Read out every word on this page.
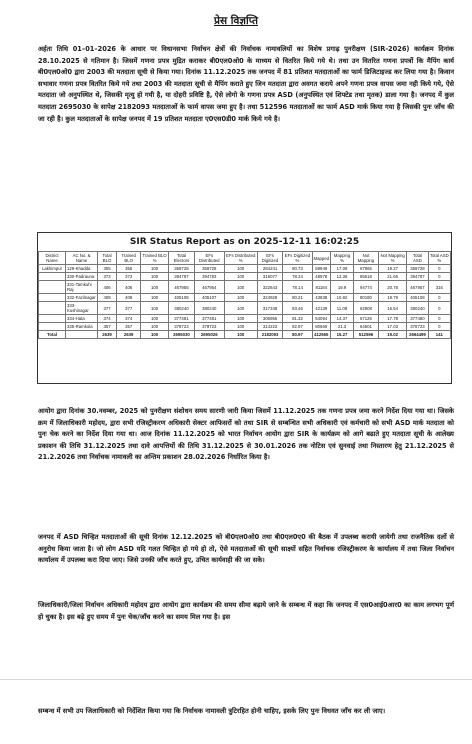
प्रेस विज्ञप्ति
अर्हता तिथि 01–01–2026 के आधार पर विधानसभा निर्वाचन क्षेत्रों की निर्वाचक नामावलियों का विशेष प्रगाढ़ पुनरीक्षण (SIR-2026) कार्यक्रम दिनांक 28.10.2025 से गतिमान है। जिसमें गणना प्रपत्र मुद्रित कराकर बी0एल0ओ0 के माध्यम से वितरित किये गये थे। तथा उन वितरित गणना प्रपत्रों कि मैपिंग कार्य बी0एल0ओ0 द्वारा 2003 की मतदाता सूची से किया गया। दिनांक 11.12.2025 तक जनपद में 81 प्रतिशत मतदाताओं का फार्म डिजिटाइज्ड कर लिया गया है। किवान सभावार गणना प्रपत्र वितरित किये गये तथा 2003 की मतदाता सूची से मैपिंग कराते हुए जिन मतदाता द्वारा अवगत कराये अपने गणना प्रपत्र वापस जमा नही किये गये, ऐसे मतदाता जो अनुपस्थित थे, जिसकी मृत्यु हो गयी है, या दोहरी प्रविष्टि है, ऐसे लोगो के गणना प्रपत्र ASD (अनुपस्थित एवं शिफ्टेड तथा मृतक) डाला गया है। जनपद में कुल मतदाता 2695030 के सापेक्ष 2182093 मतदाताओं के फार्म वापस जमा हुए है। तथा 512596 मतदाताओं का फार्म ASD मार्क किया गया है जिसकी पुनः जाँच की जा रही है। कुल मतदाताओं के सापेक्ष जनपद में 19 प्रतिशत मतदाता ए0एस0डी0 मार्क किये गये है।
SIR Status Report as on 2025-12-11 16:02:25
District Name	AC No. & Name	Total BLO	Trained BLO	Trained BLO %	Total Electors	EFs Distributed	EFs Distributed %	EFs Digitized	EFs Digitized %	Mapped	Mapping %	Not Mapping	Not Mapping %	Total ASD	Total ASD %
Lakhimpur	129-Khadda	355	355	100	359728	359728	100	284241	80.73	59949	17.09	67965	19.27	359728	0
	330-Padrauna	373	373	100	394787	394783	100	319077	78.34	48978	12.36	85518	21.66	394787	0
	331-Tamkuhi Raj	406	406	100	467955	467954	100	322643	78.14	81184	19.9	94774	20.78	467957	316
	332-Fazilnagar	408	408	100	405108	405107	100	324928	80.21	43838	10.82	80180	19.79	405108	0
	333-Kushinagar	377	377	100	380240	380240	100	317348	83.46	42139	11.08	62908	16.54	380240	0
	334-Hata	374	374	100	377481	377481	100	306955	81.32	54094	14.37	67126	17.78	377480	0
	335-Ramkola	357	357	100	378723	378723	100	314222	82.97	80669	21.3	64501	17.03	378723	0
Total		2639	2639	100	2695030	2695026	100	2182093	80.97	412565	15.27	512596	19.02	2664499	141
आयोग द्वारा दिनांक 30.नवम्बर, 2025 को पुनरीक्षण संशोधन समय सारणी जारी किया जिसमें 11.12.2025 तक गणना प्रपत्र जमा करने निर्देश दिया गया था। जिसके क्रम में जिलाधिकारी महोदय, द्वारा सभी रजिस्ट्रीकरण अधिकारी सेक्टर आफिसरों को तथा SIR से सम्बन्धित सभी अधिकारी एवं कर्मचारी को सभी ASD मार्क मतदाता को पुनः चेक करने का निर्देश दिया गया था। आज दिनांक 11.12.2025 को भारत निर्वाचन आयोग द्वारा SIR के कार्यक्रम को आगे बढाते हुए मतदाता सूची के आलेख्य प्रकाशन की तिथि 31.12.2025 तथा दावे आपत्तियों की तिथि 31.12.2025 से 30.01.2026 तक नोटिस एवं सुनवाई तथा निस्तारण हेतु 21.12.2025 से 21.2.2026 तथा निर्वाचक नामावली का अन्तिम प्रकाशन 28.02.2026 निर्धारित किया है।
जनपद में ASD चिन्हित मतदाताओं की सूची दिनांक 12.12.2025 को बी0एल0ओ0 तथा बी0एल0ए0 की बैठक में उपलब्ध करायी जायेगी तथा राजनैतिक दलों से अनुरोध किया जाता है। जो लोग ASD यदि गलत चिन्हित हो गये हो तो, ऐसे मतदाताओं की सूची साक्ष्यों सहित निर्वाचक रजिस्ट्रीकरण के कार्यालय में तथा जिला निर्वाचन कार्यालय में उपलब्ध करा दिया जाए। जिसे उनकी जाँच करते हुए, उचित कार्यवाही की जा सके।
जिलाधिकारी/जिला निर्वाचन अधिकारी महोदय द्वारा आयोग द्वारा कार्यक्रम की समय सीमा बढ़ाये जाने के सम्बन्ध में कहा कि जनपद में एस0आई0आर0 का काम लगभग पूर्ण हो चुका है। इस बढ़े हुए समय में पुनः चेक/जाँच करने का समय मिल गया है। इस
सम्बन्ध में सभी उप जिलाधिकारी को निर्देशित किया गया कि निर्वाचक नामावली त्रुटिरहित होनी चाहिए, इसके लिए पुनः विधवत जाँच कर ली जाए।
